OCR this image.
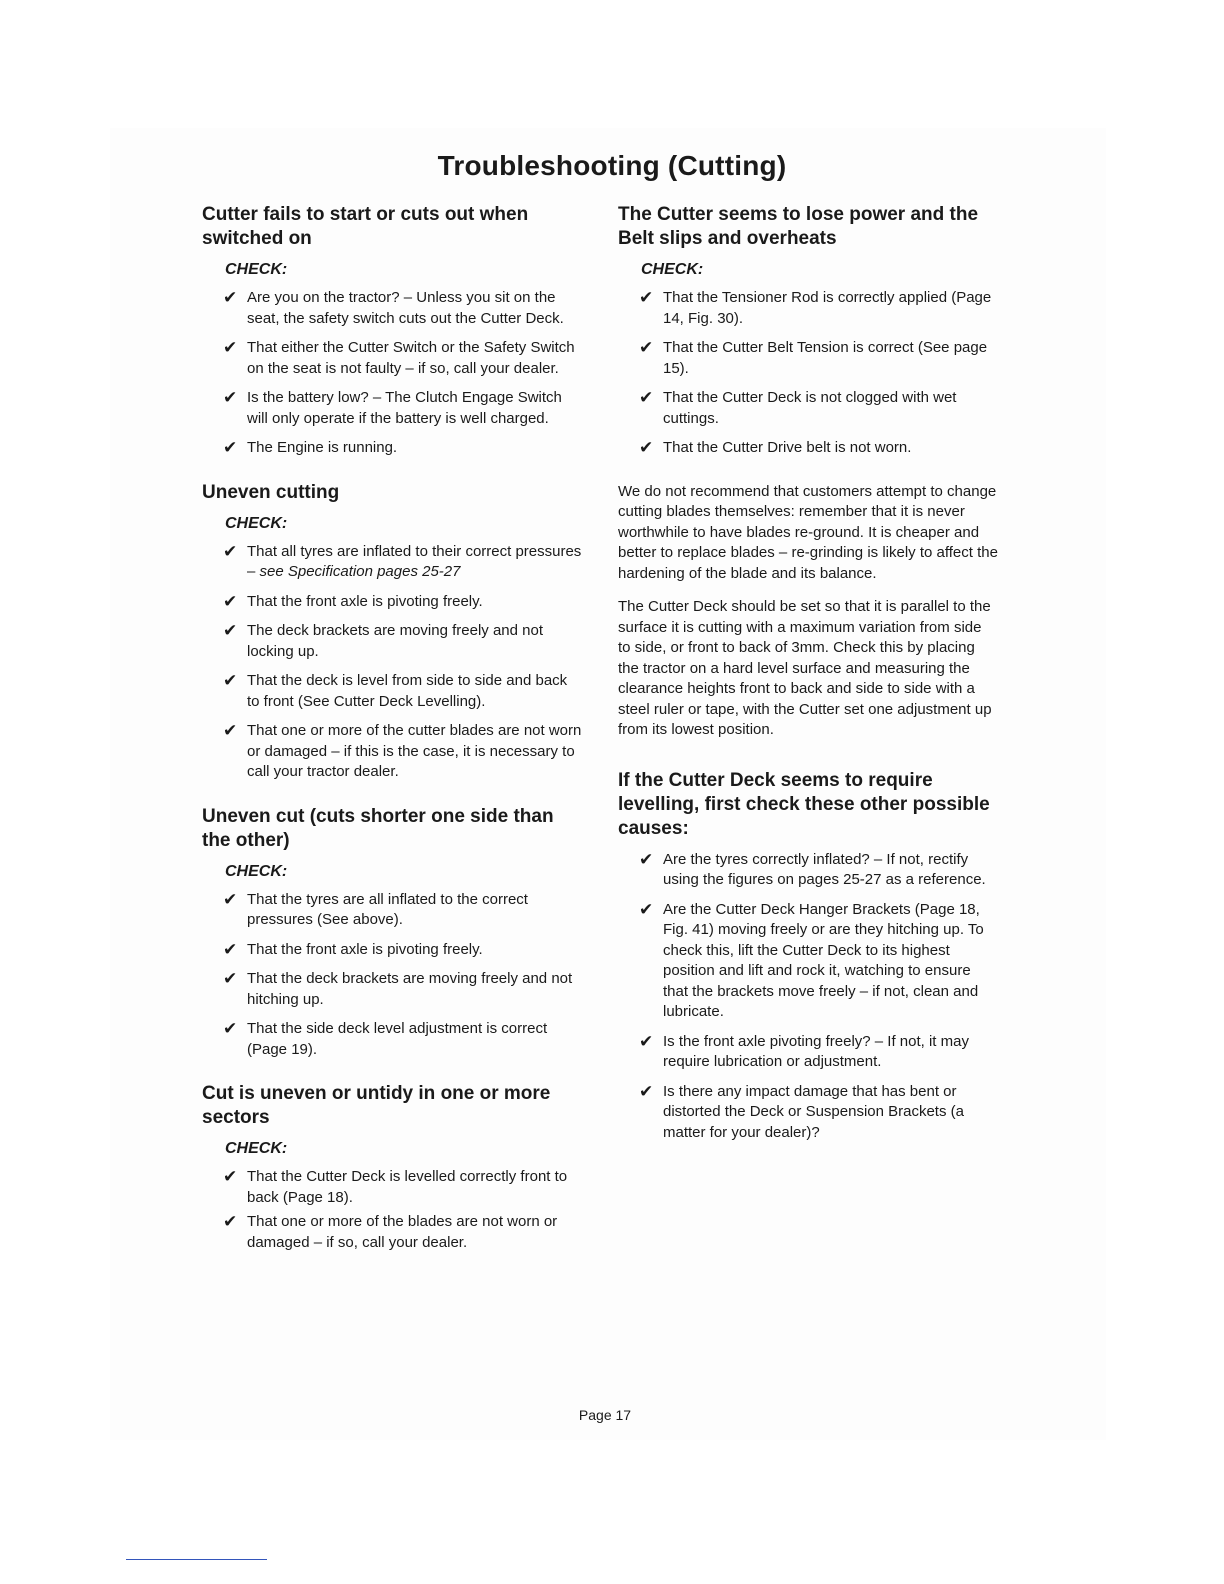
Troubleshooting (Cutting)
Cutter fails to start or cuts out when switched on
CHECK:
✔ Are you on the tractor? – Unless you sit on the seat, the safety switch cuts out the Cutter Deck.
✔ That either the Cutter Switch or the Safety Switch on the seat is not faulty – if so, call your dealer.
✔ Is the battery low? – The Clutch Engage Switch will only operate if the battery is well charged.
✔ The Engine is running.
Uneven cutting
CHECK:
✔ That all tyres are inflated to their correct pressures – see Specification pages 25-27
✔ That the front axle is pivoting freely.
✔ The deck brackets are moving freely and not locking up.
✔ That the deck is level from side to side and back to front (See Cutter Deck Levelling).
✔ That one or more of the cutter blades are not worn or damaged – if this is the case, it is necessary to call your tractor dealer.
Uneven cut (cuts shorter one side than the other)
CHECK:
✔ That the tyres are all inflated to the correct pressures (See above).
✔ That the front axle is pivoting freely.
✔ That the deck brackets are moving freely and not hitching up.
✔ That the side deck level adjustment is correct (Page 19).
Cut is uneven or untidy in one or more sectors
CHECK:
✔ That the Cutter Deck is levelled correctly front to back (Page 18).
✔ That one or more of the blades are not worn or damaged – if so, call your dealer.
The Cutter seems to lose power and the Belt slips and overheats
CHECK:
✔ That the Tensioner Rod is correctly applied (Page 14, Fig. 30).
✔ That the Cutter Belt Tension is correct (See page 15).
✔ That the Cutter Deck is not clogged with wet cuttings.
✔ That the Cutter Drive belt is not worn.

We do not recommend that customers attempt to change cutting blades themselves: remember that it is never worthwhile to have blades re-ground. It is cheaper and better to replace blades – re-grinding is likely to affect the hardening of the blade and its balance.

The Cutter Deck should be set so that it is parallel to the surface it is cutting with a maximum variation from side to side, or front to back of 3mm. Check this by placing the tractor on a hard level surface and measuring the clearance heights front to back and side to side with a steel ruler or tape, with the Cutter set one adjustment up from its lowest position.

If the Cutter Deck seems to require levelling, first check these other possible causes:
✔ Are the tyres correctly inflated? – If not, rectify using the figures on pages 25-27 as a reference.
✔ Are the Cutter Deck Hanger Brackets (Page 18, Fig. 41) moving freely or are they hitching up. To check this, lift the Cutter Deck to its highest position and lift and rock it, watching to ensure that the brackets move freely – if not, clean and lubricate.
✔ Is the front axle pivoting freely? – If not, it may require lubrication or adjustment.
✔ Is there any impact damage that has bent or distorted the Deck or Suspension Brackets (a matter for your dealer)?
Page 17
